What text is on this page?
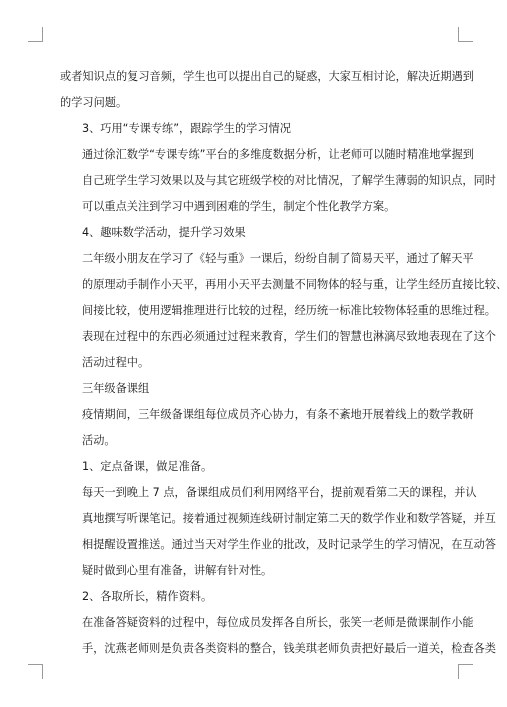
或者知识点的复习音频，学生也可以提出自己的疑惑，大家互相讨论，解决近期遇到
的学习问题。

3、巧用“专课专练”，跟踪学生的学习情况

通过徐汇数学“专课专练”平台的多维度数据分析，让老师可以随时精准地掌握到
自己班学生学习效果以及与其它班级学校的对比情况，了解学生薄弱的知识点，同时
可以重点关注到学习中遇到困难的学生，制定个性化教学方案。

4、趣味数学活动，提升学习效果

二年级小朋友在学习了《轻与重》一课后，纷纷自制了简易天平，通过了解天平
的原理动手制作小天平，再用小天平去测量不同物体的轻与重，让学生经历直接比较、
间接比较，使用逻辑推理进行比较的过程，经历统一标准比较物体轻重的思维过程。
表现在过程中的东西必须通过过程来教育，学生们的智慧也淋漓尽致地表现在了这个
活动过程中。

三年级备课组

疫情期间，三年级备课组每位成员齐心协力，有条不紊地开展着线上的数学教研
活动。

1、定点备课，做足准备。

每天一到晚上 7 点，备课组成员们利用网络平台，提前观看第二天的课程，并认
真地撰写听课笔记。接着通过视频连线研讨制定第二天的数学作业和数学答疑，并互
相提醒设置推送。通过当天对学生作业的批改，及时记录学生的学习情况，在互动答
疑时做到心里有准备，讲解有针对性。

2、各取所长，精作资料。

在准备答疑资料的过程中，每位成员发挥各自所长，张笑一老师是微课制作小能
手，沈燕老师则是负责各类资料的整合，钱美琪老师负责把好最后一道关，检查各类
